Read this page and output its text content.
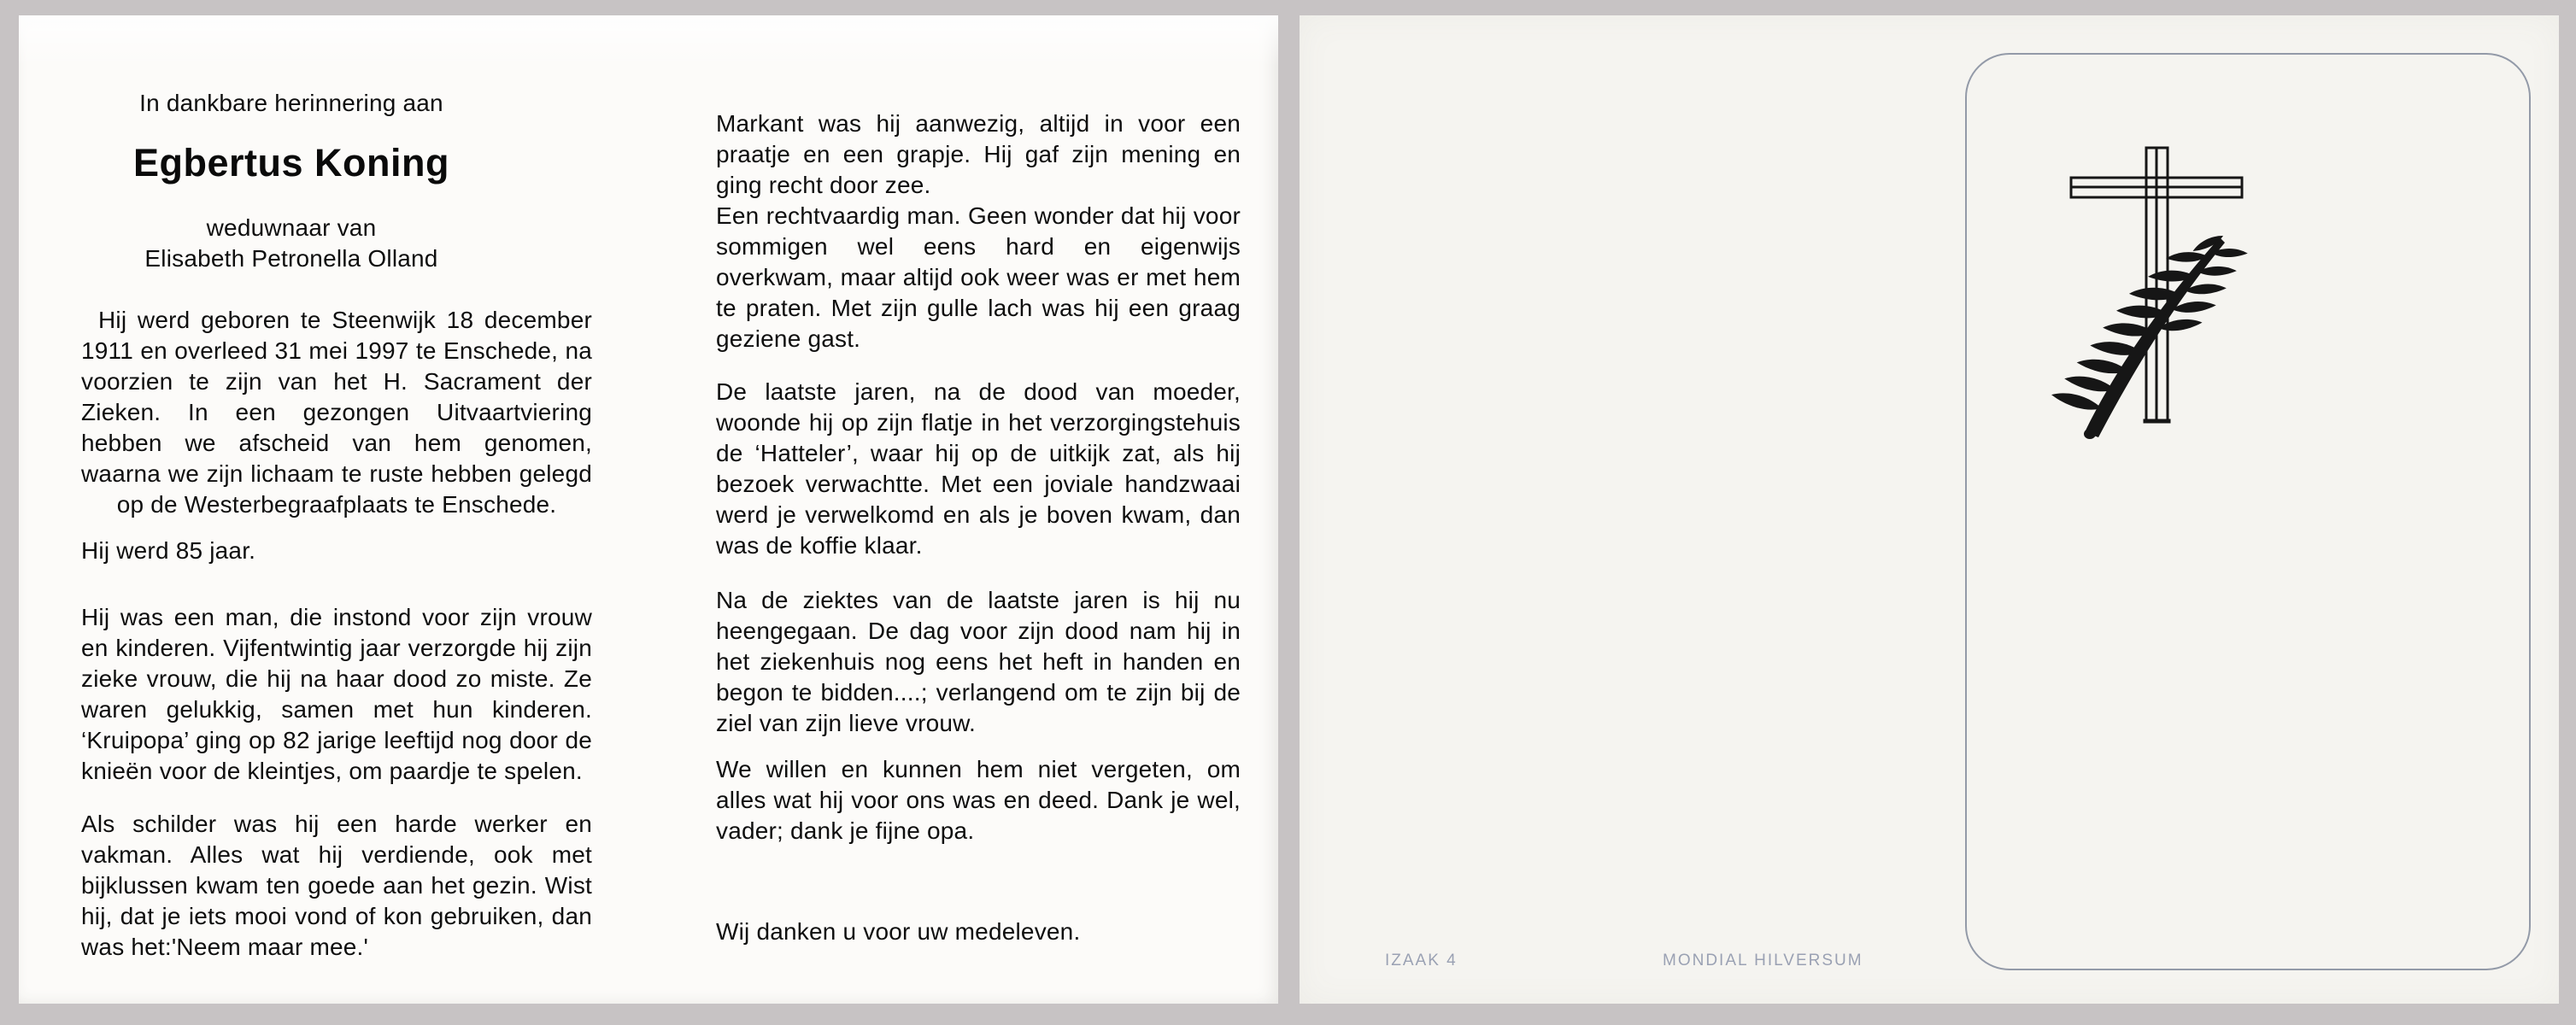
In dankbare herinnering aan

Egbertus Koning

weduwnaar van

Elisabeth Petronella Olland

Hij werd geboren te Steenwijk 18 december 1911 en overleed 31 mei 1997 te Enschede, na voorzien te zijn van het H. Sacrament der Zieken. In een gezongen Uitvaartviering hebben we afscheid van hem genomen, waarna we zijn lichaam te ruste hebben gelegd op de Westerbegraafplaats te Enschede.

Hij werd 85 jaar.

Hij was een man, die instond voor zijn vrouw en kinderen. Vijfentwintig jaar verzorgde hij zijn zieke vrouw, die hij na haar dood zo miste. Ze waren gelukkig, samen met hun kinderen. ‘Kruipopa’ ging op 82 jarige leeftijd nog door de knieën voor de kleintjes, om paardje te spelen.

Als schilder was hij een harde werker en vakman. Alles wat hij verdiende, ook met bijklussen kwam ten goede aan het gezin. Wist hij, dat je iets mooi vond of kon gebruiken, dan was het:'Neem maar mee.'

Markant was hij aanwezig, altijd in voor een praatje en een grapje. Hij gaf zijn mening en ging recht door zee.

Een rechtvaardig man. Geen wonder dat hij voor sommigen wel eens hard en eigenwijs overkwam, maar altijd ook weer was er met hem te praten. Met zijn gulle lach was hij een graag geziene gast.

De laatste jaren, na de dood van moeder, woonde hij op zijn flatje in het verzorgingstehuis de ‘Hatteler’, waar hij op de uitkijk zat, als hij bezoek verwachtte. Met een joviale handzwaai werd je verwelkomd en als je boven kwam, dan was de koffie klaar.

Na de ziektes van de laatste jaren is hij nu heengegaan. De dag voor zijn dood nam hij in het ziekenhuis nog eens het heft in handen en begon te bidden....; verlangend om te zijn bij de ziel van zijn lieve vrouw.

We willen en kunnen hem niet vergeten, om alles wat hij voor ons was en deed. Dank je wel, vader; dank je fijne opa.

Wij danken u voor uw medeleven.

IZAAK 4	MONDIAL HILVERSUM
